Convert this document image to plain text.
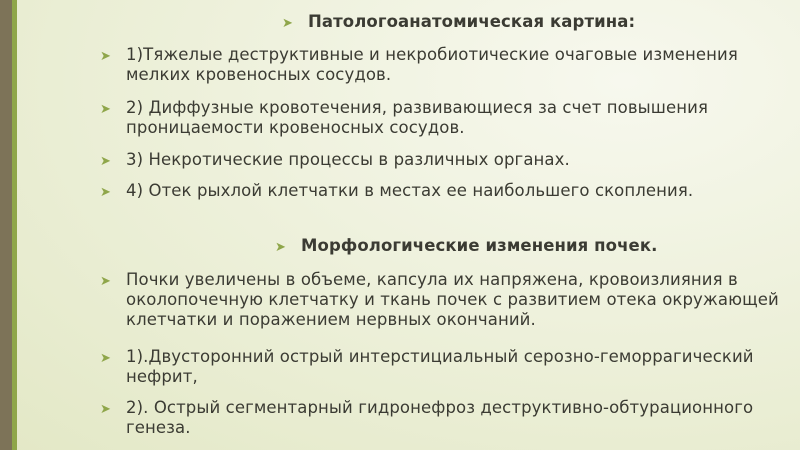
➤ Патологоанатомическая картина:
➤ 1)Тяжелые деструктивные и некробиотические очаговые изменения мелких кровеносных сосудов.
➤ 2) Диффузные кровотечения, развивающиеся за счет повышения проницаемости кровеносных сосудов.
➤ 3) Некротические процессы в различных органах.
➤ 4) Отек рыхлой клетчатки в местах ее наибольшего скопления.
➤ Морфологические изменения почек.
➤ Почки увеличены в объеме, капсула их напряжена, кровоизлияния в околопочечную клетчатку и ткань почек с развитием отека окружающей клетчатки и поражением нервных окончаний.
➤ 1).Двусторонний острый интерстициальный серозно-геморрагический нефрит,
➤ 2). Острый сегментарный гидронефроз деструктивно-обтурационного генеза.
